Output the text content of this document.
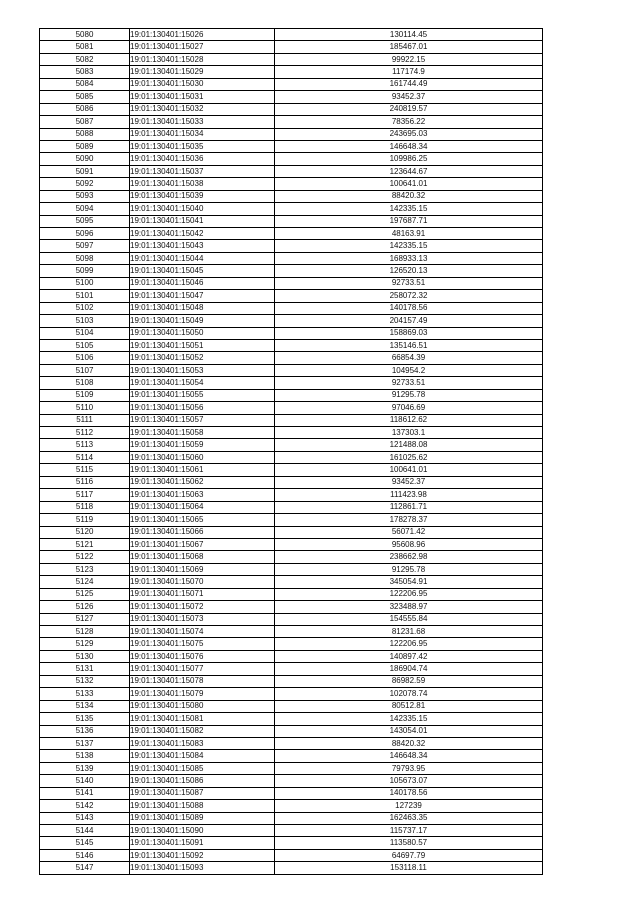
5080	19:01:130401:15026	130114.45
5081	19:01:130401:15027	185467.01
5082	19:01:130401:15028	99922.15
5083	19:01:130401:15029	117174.9
5084	19:01:130401:15030	161744.49
5085	19:01:130401:15031	93452.37
5086	19:01:130401:15032	240819.57
5087	19:01:130401:15033	78356.22
5088	19:01:130401:15034	243695.03
5089	19:01:130401:15035	146648.34
5090	19:01:130401:15036	109986.25
5091	19:01:130401:15037	123644.67
5092	19:01:130401:15038	100641.01
5093	19:01:130401:15039	88420.32
5094	19:01:130401:15040	142335.15
5095	19:01:130401:15041	197687.71
5096	19:01:130401:15042	48163.91
5097	19:01:130401:15043	142335.15
5098	19:01:130401:15044	168933.13
5099	19:01:130401:15045	126520.13
5100	19:01:130401:15046	92733.51
5101	19:01:130401:15047	258072.32
5102	19:01:130401:15048	140178.56
5103	19:01:130401:15049	204157.49
5104	19:01:130401:15050	158869.03
5105	19:01:130401:15051	135146.51
5106	19:01:130401:15052	66854.39
5107	19:01:130401:15053	104954.2
5108	19:01:130401:15054	92733.51
5109	19:01:130401:15055	91295.78
5110	19:01:130401:15056	97046.69
5111	19:01:130401:15057	118612.62
5112	19:01:130401:15058	137303.1
5113	19:01:130401:15059	121488.08
5114	19:01:130401:15060	161025.62
5115	19:01:130401:15061	100641.01
5116	19:01:130401:15062	93452.37
5117	19:01:130401:15063	111423.98
5118	19:01:130401:15064	112861.71
5119	19:01:130401:15065	178278.37
5120	19:01:130401:15066	56071.42
5121	19:01:130401:15067	95608.96
5122	19:01:130401:15068	238662.98
5123	19:01:130401:15069	91295.78
5124	19:01:130401:15070	345054.91
5125	19:01:130401:15071	122206.95
5126	19:01:130401:15072	323488.97
5127	19:01:130401:15073	154555.84
5128	19:01:130401:15074	81231.68
5129	19:01:130401:15075	122206.95
5130	19:01:130401:15076	140897.42
5131	19:01:130401:15077	186904.74
5132	19:01:130401:15078	86982.59
5133	19:01:130401:15079	102078.74
5134	19:01:130401:15080	80512.81
5135	19:01:130401:15081	142335.15
5136	19:01:130401:15082	143054.01
5137	19:01:130401:15083	88420.32
5138	19:01:130401:15084	146648.34
5139	19:01:130401:15085	79793.95
5140	19:01:130401:15086	105673.07
5141	19:01:130401:15087	140178.56
5142	19:01:130401:15088	127239
5143	19:01:130401:15089	162463.35
5144	19:01:130401:15090	115737.17
5145	19:01:130401:15091	113580.57
5146	19:01:130401:15092	64697.79
5147	19:01:130401:15093	153118.11
